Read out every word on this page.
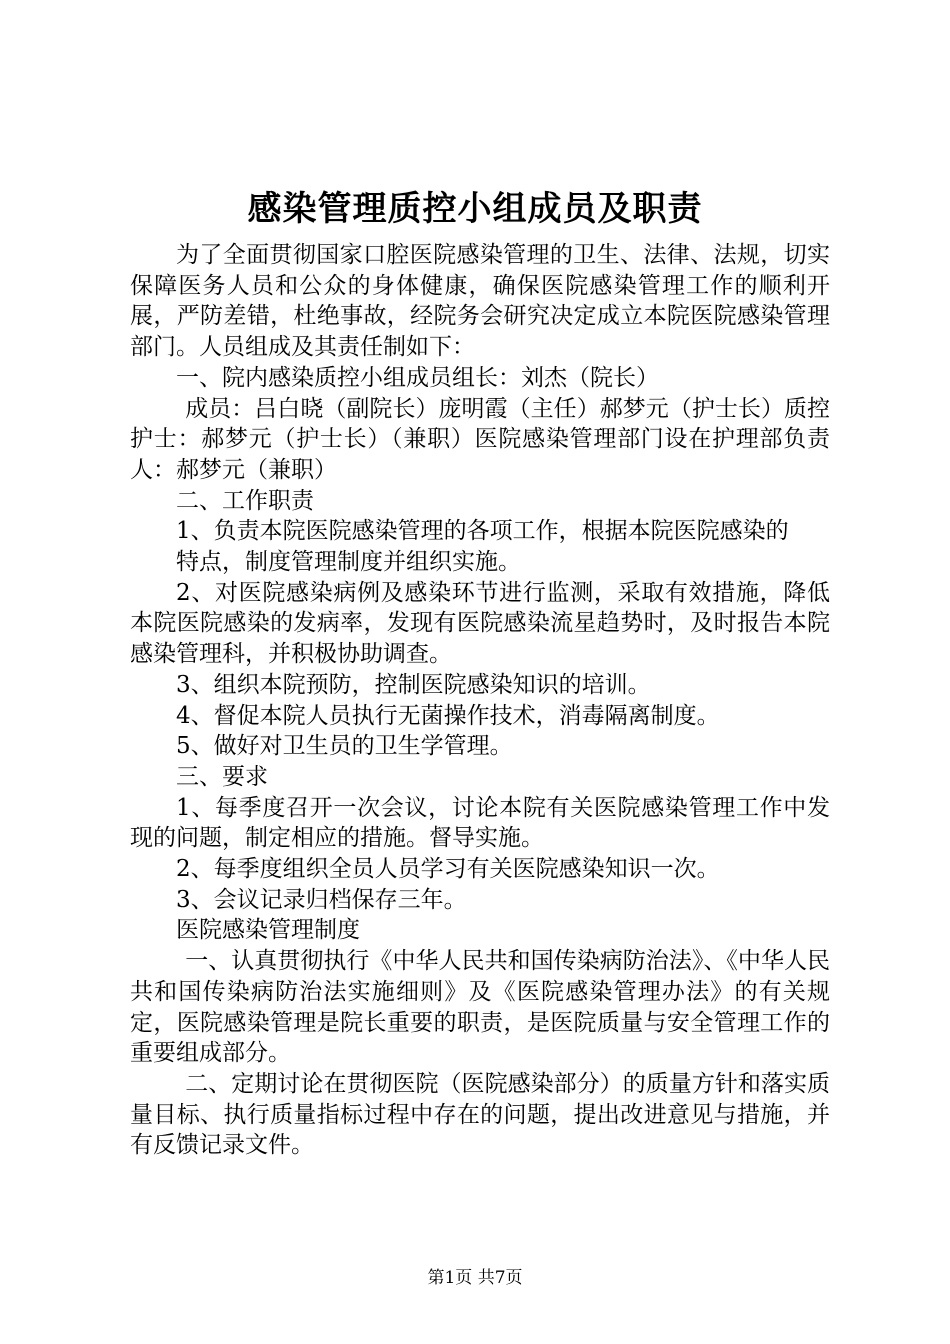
感染管理质控小组成员及职责

为了全面贯彻国家口腔医院感染管理的卫生、法律、法规，切实保障医务人员和公众的身体健康，确保医院感染管理工作的顺利开展，严防差错，杜绝事故，经院务会研究决定成立本院医院感染管理部门。人员组成及其责任制如下：

一、院内感染质控小组成员组长：刘杰（院长）

成员：吕白晓（副院长）庞明霞（主任）郝梦元（护士长）质控护士：郝梦元（护士长）（兼职）医院感染管理部门设在护理部负责人：郝梦元（兼职）

二、工作职责

1、负责本院医院感染管理的各项工作，根据本院医院感染的

特点，制度管理制度并组织实施。

2、对医院感染病例及感染环节进行监测，采取有效措施，降低本院医院感染的发病率，发现有医院感染流星趋势时，及时报告本院感染管理科，并积极协助调查。

3、组织本院预防，控制医院感染知识的培训。

4、督促本院人员执行无菌操作技术，消毒隔离制度。

5、做好对卫生员的卫生学管理。

三、要求

1、每季度召开一次会议，讨论本院有关医院感染管理工作中发现的问题，制定相应的措施。督导实施。

2、每季度组织全员人员学习有关医院感染知识一次。

3、会议记录归档保存三年。

医院感染管理制度

一、认真贯彻执行《中华人民共和国传染病防治法》、《中华人民共和国传染病防治法实施细则》及《医院感染管理办法》的有关规定，医院感染管理是院长重要的职责，是医院质量与安全管理工作的重要组成部分。

二、定期讨论在贯彻医院（医院感染部分）的质量方针和落实质量目标、执行质量指标过程中存在的问题，提出改进意见与措施，并有反馈记录文件。

第1页 共7页
